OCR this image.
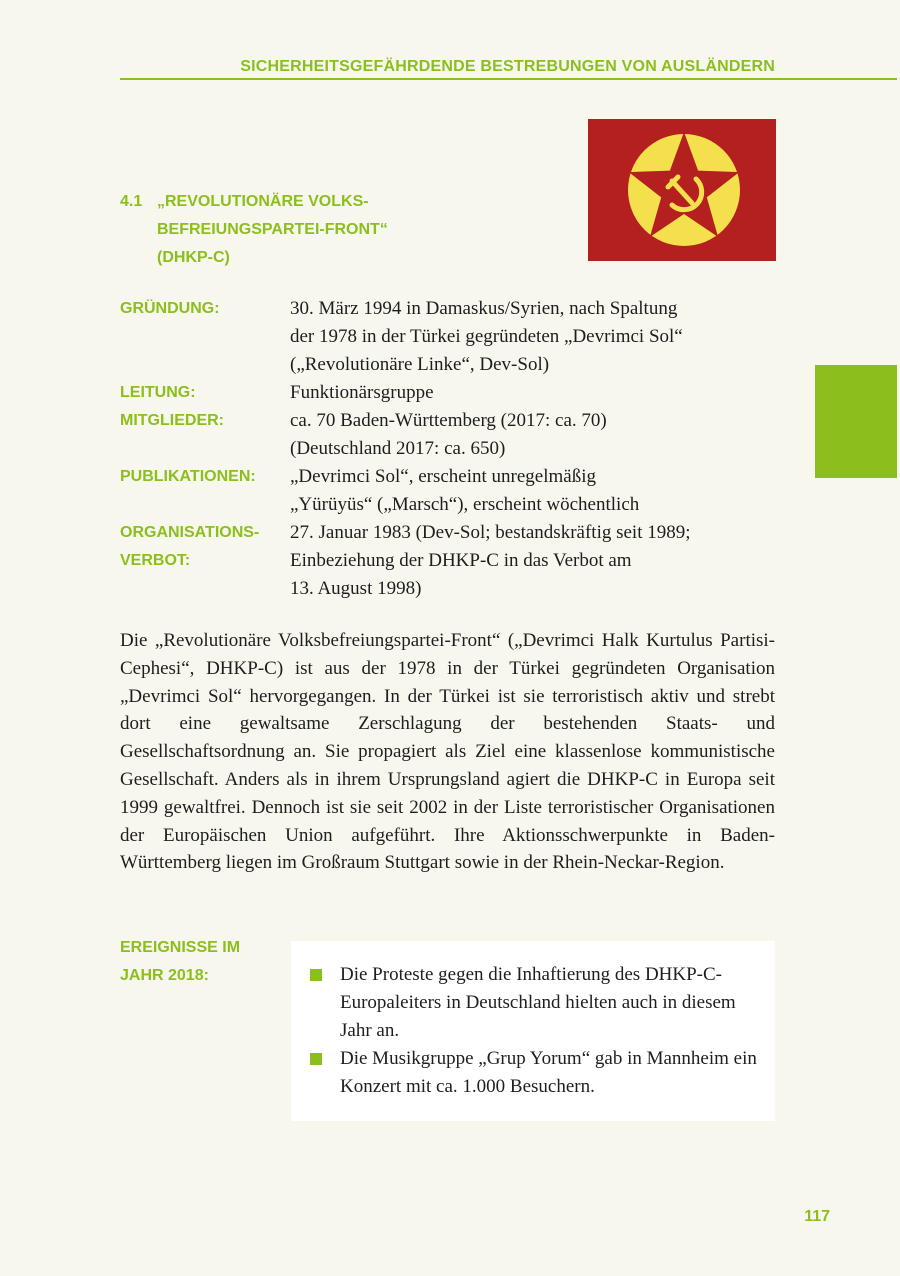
SICHERHEITSGEFÄHRDENDE BESTREBUNGEN VON AUSLÄNDERN
4.1 „REVOLUTIONÄRE VOLKS-
BEFREIUNGSPARTEI-FRONT“
(DHKP-C)
GRÜNDUNG:	30. März 1994 in Damaskus/Syrien, nach Spaltung
der 1978 in der Türkei gegründeten „Devrimci Sol“
(„Revolutionäre Linke“, Dev-Sol)
LEITUNG:	Funktionärsgruppe
MITGLIEDER:	ca. 70 Baden-Württemberg (2017: ca. 70)
(Deutschland 2017: ca. 650)
PUBLIKATIONEN:	„Devrimci Sol“, erscheint unregelmäßig
„Yürüyüs“ („Marsch“), erscheint wöchentlich
ORGANISATIONS-
VERBOT:
27. Januar 1983 (Dev-Sol; bestandskräftig seit 1989;
Einbeziehung der DHKP-C in das Verbot am
13. August 1998)

Die „Revolutionäre Volksbefreiungspartei-Front“ („Devrimci Halk Kurtulus Partisi-Cephesi“, DHKP-C) ist aus der 1978 in der Türkei gegründeten Organisation „Devrimci Sol“ hervorgegangen. In der Türkei ist sie terroristisch aktiv und strebt dort eine gewaltsame Zerschlagung der bestehenden Staats- und Gesellschaftsordnung an. Sie propagiert als Ziel eine klassenlose kommunistische Gesellschaft. Anders als in ihrem Ursprungsland agiert die DHKP-C in Europa seit 1999 gewaltfrei. Dennoch ist sie seit 2002 in der Liste terroristischer Organisationen der Europäischen Union aufgeführt. Ihre Aktionsschwerpunkte in Baden-Württemberg liegen im Großraum Stuttgart sowie in der Rhein-Neckar-Region.

EREIGNISSE IM
JAHR 2018:	Die Proteste gegen die Inhaftierung des DHKP-C-Europaleiters in Deutschland hielten auch in diesem Jahr an.
Die Musikgruppe „Grup Yorum“ gab in Mannheim ein Konzert mit ca. 1.000 Besuchern.
117
